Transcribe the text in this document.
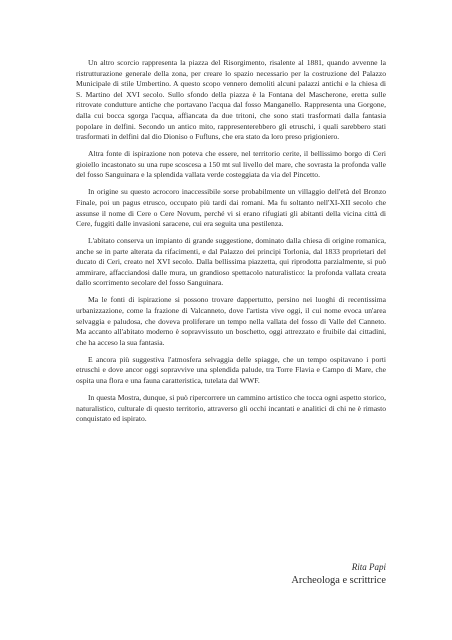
Un altro scorcio rappresenta la piazza del Risorgimento, risalente al 1881, quando avvenne la ristrutturazione generale della zona, per creare lo spazio necessario per la costruzione del Palazzo Municipale di stile Umbertino. A questo scopo vennero demoliti alcuni palazzi antichi e la chiesa di S. Martino del XVI secolo. Sullo sfondo della piazza è la Fontana del Mascherone, eretta sulle ritrovate condutture antiche che portavano l'acqua dal fosso Manganello. Rappresenta una Gorgone, dalla cui bocca sgorga l'acqua, affiancata da due tritoni, che sono stati trasformati dalla fantasia popolare in delfini. Secondo un antico mito, rappresenterebbero gli etruschi, i quali sarebbero stati trasformati in delfini dal dio Dioniso o Fufluns, che era stato da loro preso prigioniero.

Altra fonte di ispirazione non poteva che essere, nel territorio cerite, il bellissimo borgo di Ceri gioiello incastonato su una rupe scoscesa a 150 mt sul livello del mare, che sovrasta la profonda valle del fosso Sanguinara e la splendida vallata verde costeggiata da via del Pincetto.

In origine su questo acrocoro inaccessibile sorse probabilmente un villaggio dell'età del Bronzo Finale, poi un pagus etrusco, occupato più tardi dai romani. Ma fu soltanto nell'XI-XII secolo che assunse il nome di Cere o Cere Novum, perché vi si erano rifugiati gli abitanti della vicina città di Cere, fuggiti dalle invasioni saracene, cui era seguita una pestilenza.

L'abitato conserva un impianto di grande suggestione, dominato dalla chiesa di origine romanica, anche se in parte alterata da rifacimenti, e dal Palazzo dei principi Torlonia, dal 1833 proprietari del ducato di Ceri, creato nel XVI secolo. Dalla bellissima piazzetta, qui riprodotta parzialmente, si può ammirare, affacciandosi dalle mura, un grandioso spettacolo naturalistico: la profonda vallata creata dallo scorrimento secolare del fosso Sanguinara.

Ma le fonti di ispirazione si possono trovare dappertutto, persino nei luoghi di recentissima urbanizzazione, come la frazione di Valcanneto, dove l'artista vive oggi, il cui nome evoca un'area selvaggia e paludosa, che doveva proliferare un tempo nella vallata del fosso di Valle del Canneto. Ma accanto all'abitato moderno è sopravvissuto un boschetto, oggi attrezzato e fruibile dai cittadini, che ha acceso la sua fantasia.

E ancora più suggestiva l'atmosfera selvaggia delle spiagge, che un tempo ospitavano i porti etruschi e dove ancor oggi sopravvive una splendida palude, tra Torre Flavia e Campo di Mare, che ospita una flora e una fauna caratteristica, tutelata dal WWF.

In questa Mostra, dunque, si può ripercorrere un cammino artistico che tocca ogni aspetto storico, naturalistico, culturale di questo territorio, attraverso gli occhi incantati e analitici di chi ne è rimasto conquistato ed ispirato.

Rita Papi
Archeologa e scrittrice
